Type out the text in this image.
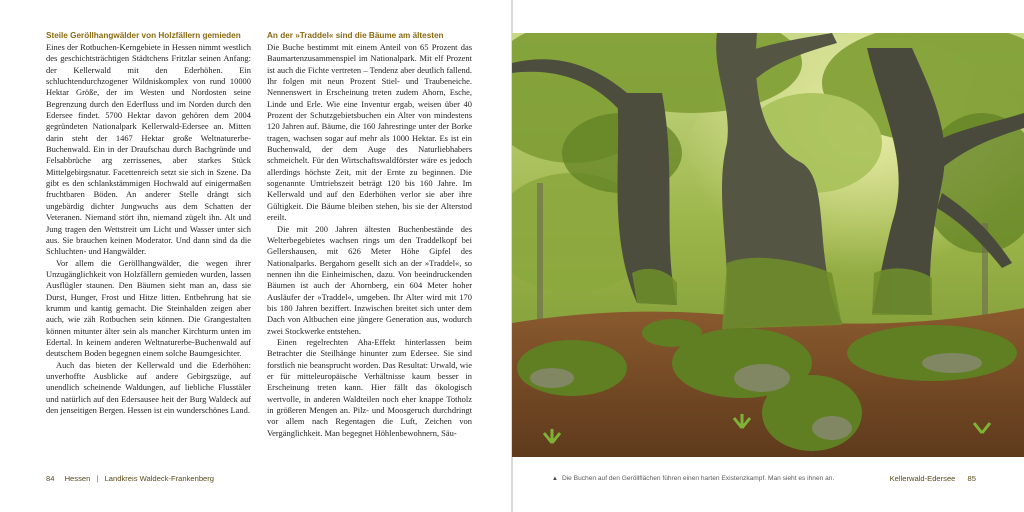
Steile Geröllhangwälder von Holzfällern gemieden

Eines der Rotbuchen-Kerngebiete in Hessen nimmt westlich des geschichtsträchtigen Städtchens Fritzlar seinen Anfang: der Kellerwald mit den Ederhöhen. Ein schluchtendurchzogener Wildniskomplex von rund 10000 Hektar Größe, der im Westen und Nordosten seine Begrenzung durch den Ederfluss und im Norden durch den Edersee findet. 5700 Hektar davon gehören dem 2004 gegründeten Nationalpark Kellerwald-Edersee an. Mitten darin steht der 1467 Hektar große Weltnaturerbe-Buchenwald. Ein in der Draufschau durch Bachgründe und Felsabbrüche arg zerrissenes, aber starkes Stück Mittelgebirgsnatur. Facettenreich setzt sie sich in Szene. Da gibt es den schlankstämmigen Hochwald auf einigermaßen fruchtbaren Böden. An anderer Stelle drängt sich ungebärdig dichter Jungwuchs aus dem Schatten der Veteranen. Niemand stört ihn, niemand zügelt ihn. Alt und Jung tragen den Wettstreit um Licht und Wasser unter sich aus. Sie brauchen keinen Moderator. Und dann sind da die Schluchten- und Hangwälder.

Vor allem die Geröllhangwälder, die wegen ihrer Unzugänglichkeit von Holzfällern gemieden wurden, lassen Ausflügler staunen. Den Bäumen sieht man an, dass sie Durst, Hunger, Frost und Hitze litten. Entbehrung hat sie krumm und kantig gemacht. Die Steinhalden zeigen aber auch, wie zäh Rotbuchen sein können. Die Grangestalten können mitunter älter sein als mancher Kirchturm unten im Edertal. In keinem anderen Weltnaturerbe-Buchenwald auf deutschem Boden begegnen einem solche Baumgesichter.

Auch das bieten der Kellerwald und die Ederhöhen: unverhoffte Ausblicke auf andere Gebirgszüge, auf unendlich scheinende Waldungen, auf liebliche Flusstäler und natürlich auf den Edersausee heit der Burg Waldeck auf den jenseitigen Bergen. Hessen ist ein wunderschönes Land.

An der »Traddel« sind die Bäume am ältesten

Die Buche bestimmt mit einem Anteil von 65 Prozent das Baumartenzusammenspiel im Nationalpark. Mit elf Prozent ist auch die Fichte vertreten – Tendenz aber deutlich fallend. Ihr folgen mit neun Prozent Stiel- und Traubeneiche. Nennenswert in Erscheinung treten zudem Ahorn, Esche, Linde und Erle. Wie eine Inventur ergab, weisen über 40 Prozent der Schutzgebietsbuchen ein Alter von mindestens 120 Jahren auf. Bäume, die 160 Jahresringe unter der Borke tragen, wachsen sogar auf mehr als 1000 Hektar. Es ist ein Buchenwald, der dem Auge des Naturliebhabers schmeichelt. Für den Wirtschaftswaldförster wäre es jedoch allerdings höchste Zeit, mit der Ernte zu beginnen. Die sogenannte Umtriebszeit beträgt 120 bis 160 Jahre. Im Kellerwald und auf den Ederhöhen verlor sie aber ihre Gültigkeit. Die Bäume bleiben stehen, bis sie der Alterstod ereilt.

Die mit 200 Jahren ältesten Buchenbestände des Welterbegebietes wachsen rings um den Traddelkopf bei Gellershausen, mit 626 Meter Höhe Gipfel des Nationalparks. Bergahorn gesellt sich an der »Traddel«, so nennen ihn die Einheimischen, dazu. Von beeindruckenden Bäumen ist auch der Ahornberg, ein 604 Meter hoher Ausläufer der »Traddel«, umgeben. Ihr Alter wird mit 170 bis 180 Jahren beziffert. Inzwischen breitet sich unter dem Dach von Altbuchen eine jüngere Generation aus, wodurch zwei Stockwerke entstehen.

Einen regelrechten Aha-Effekt hinterlassen beim Betrachter die Steilhänge hinunter zum Edersee. Sie sind forstlich nie beansprucht worden. Das Resultat: Urwald, wie er für mitteleuropäische Verhältnisse kaum besser in Erscheinung treten kann. Hier fällt das ökologisch wertvolle, in anderen Waldteilen noch eher knappe Totholz in größeren Mengen an. Pilz- und Moosgeruch durchdringt vor allem nach Regentagen die Luft, Zeichen von Vergänglichkeit. Man begegnet Höhlenbewohnern, Säu-

84 Hessen | Landkreis Waldeck-Frankenberg	▲ Die Buchen auf den Geröllflächen führen einen harten Existenzkampf. Man sieht es ihnen an.	Kellerwald-Edersee 85
